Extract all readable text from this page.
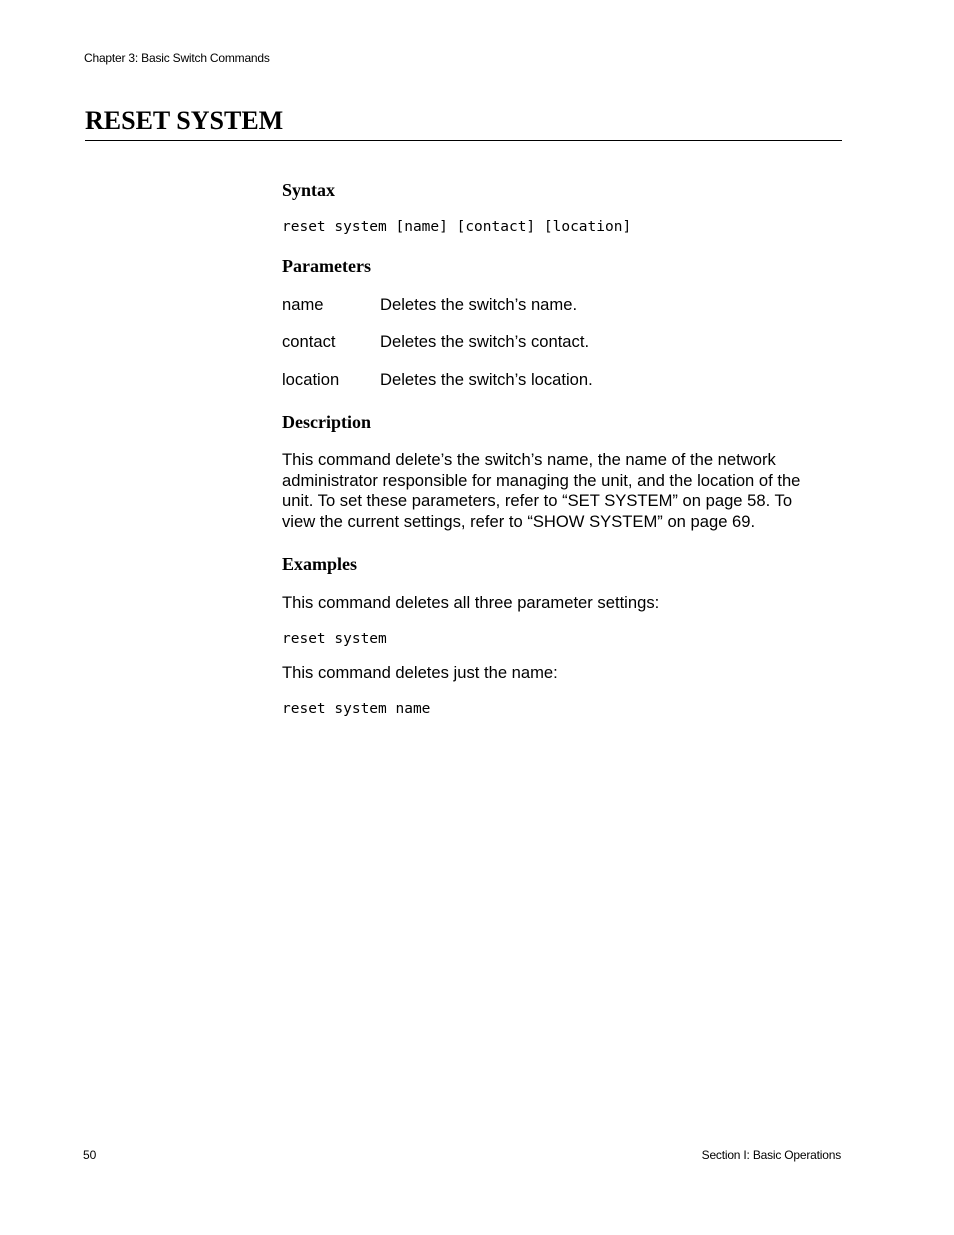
Chapter 3: Basic Switch Commands
RESET SYSTEM
Syntax
reset system [name] [contact] [location]
Parameters
name	Deletes the switch’s name.
contact	Deletes the switch’s contact.
location Deletes the switch’s location.
Description
This command delete’s the switch’s name, the name of the network administrator responsible for managing the unit, and the location of the unit. To set these parameters, refer to “SET SYSTEM” on page 58. To view the current settings, refer to “SHOW SYSTEM” on page 69.
Examples
This command deletes all three parameter settings:
reset system
This command deletes just the name:
reset system name
50	Section I: Basic Operations
